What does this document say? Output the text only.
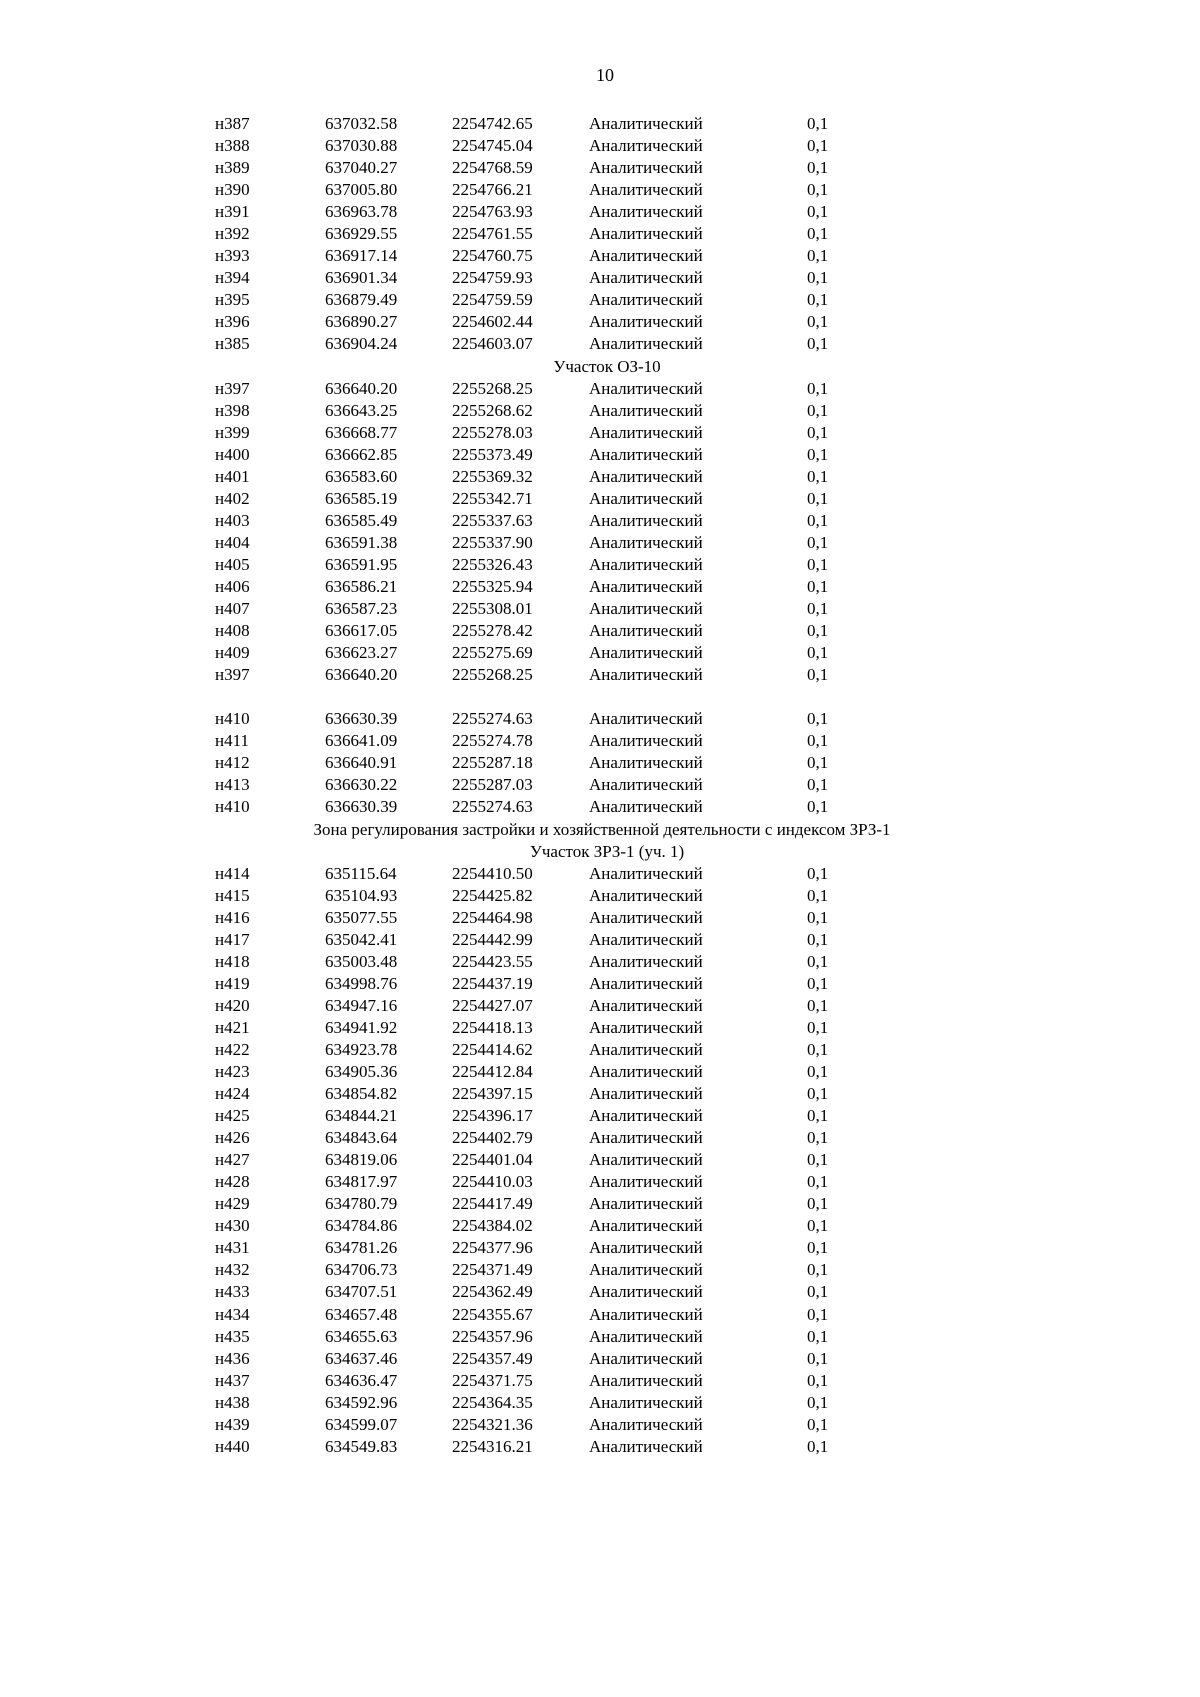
10
н387	637032.58	2254742.65	Аналитический	0,1
н388	637030.88	2254745.04	Аналитический	0,1
н389	637040.27	2254768.59	Аналитический	0,1
н390	637005.80	2254766.21	Аналитический	0,1
н391	636963.78	2254763.93	Аналитический	0,1
н392	636929.55	2254761.55	Аналитический	0,1
н393	636917.14	2254760.75	Аналитический	0,1
н394	636901.34	2254759.93	Аналитический	0,1
н395	636879.49	2254759.59	Аналитический	0,1
н396	636890.27	2254602.44	Аналитический	0,1
н385	636904.24	2254603.07	Аналитический	0,1
Участок ОЗ-10
н397	636640.20	2255268.25	Аналитический	0,1
н398	636643.25	2255268.62	Аналитический	0,1
н399	636668.77	2255278.03	Аналитический	0,1
н400	636662.85	2255373.49	Аналитический	0,1
н401	636583.60	2255369.32	Аналитический	0,1
н402	636585.19	2255342.71	Аналитический	0,1
н403	636585.49	2255337.63	Аналитический	0,1
н404	636591.38	2255337.90	Аналитический	0,1
н405	636591.95	2255326.43	Аналитический	0,1
н406	636586.21	2255325.94	Аналитический	0,1
н407	636587.23	2255308.01	Аналитический	0,1
н408	636617.05	2255278.42	Аналитический	0,1
н409	636623.27	2255275.69	Аналитический	0,1
н397	636640.20	2255268.25	Аналитический	0,1
н410	636630.39	2255274.63	Аналитический	0,1
н411	636641.09	2255274.78	Аналитический	0,1
н412	636640.91	2255287.18	Аналитический	0,1
н413	636630.22	2255287.03	Аналитический	0,1
н410	636630.39	2255274.63	Аналитический	0,1
Зона регулирования застройки и хозяйственной деятельности с индексом ЗРЗ-1
Участок ЗРЗ-1 (уч. 1)
н414	635115.64	2254410.50	Аналитический	0,1
н415	635104.93	2254425.82	Аналитический	0,1
н416	635077.55	2254464.98	Аналитический	0,1
н417	635042.41	2254442.99	Аналитический	0,1
н418	635003.48	2254423.55	Аналитический	0,1
н419	634998.76	2254437.19	Аналитический	0,1
н420	634947.16	2254427.07	Аналитический	0,1
н421	634941.92	2254418.13	Аналитический	0,1
н422	634923.78	2254414.62	Аналитический	0,1
н423	634905.36	2254412.84	Аналитический	0,1
н424	634854.82	2254397.15	Аналитический	0,1
н425	634844.21	2254396.17	Аналитический	0,1
н426	634843.64	2254402.79	Аналитический	0,1
н427	634819.06	2254401.04	Аналитический	0,1
н428	634817.97	2254410.03	Аналитический	0,1
н429	634780.79	2254417.49	Аналитический	0,1
н430	634784.86	2254384.02	Аналитический	0,1
н431	634781.26	2254377.96	Аналитический	0,1
н432	634706.73	2254371.49	Аналитический	0,1
н433	634707.51	2254362.49	Аналитический	0,1
н434	634657.48	2254355.67	Аналитический	0,1
н435	634655.63	2254357.96	Аналитический	0,1
н436	634637.46	2254357.49	Аналитический	0,1
н437	634636.47	2254371.75	Аналитический	0,1
н438	634592.96	2254364.35	Аналитический	0,1
н439	634599.07	2254321.36	Аналитический	0,1
н440	634549.83	2254316.21	Аналитический	0,1
